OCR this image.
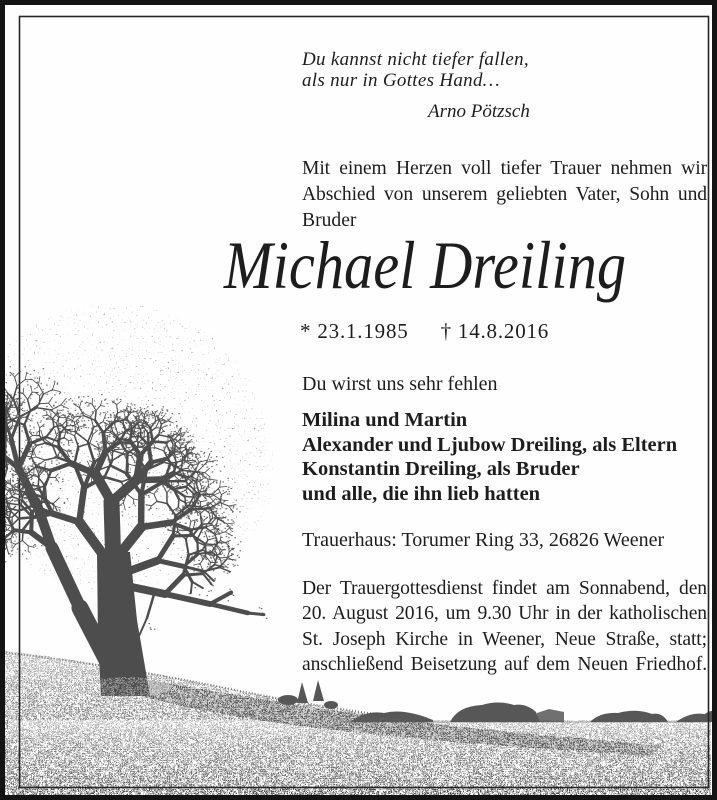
Du kannst nicht tiefer fallen,
als nur in Gottes Hand…
Arno Pötzsch
Mit einem Herzen voll tiefer Trauer nehmen wir
Abschied von unserem geliebten Vater, Sohn und
Bruder
Michael Dreiling
* 23.1.1985 † 14.8.2016
Du wirst uns sehr fehlen
Milina und Martin
Alexander und Ljubow Dreiling, als Eltern
Konstantin Dreiling, als Bruder
und alle, die ihn lieb hatten
Trauerhaus: Torumer Ring 33, 26826 Weener
Der Trauergottesdienst findet am Sonnabend, den
20. August 2016, um 9.30 Uhr in der katholischen
St. Joseph Kirche in Weener, Neue Straße, statt;
anschließend Beisetzung auf dem Neuen Friedhof.
